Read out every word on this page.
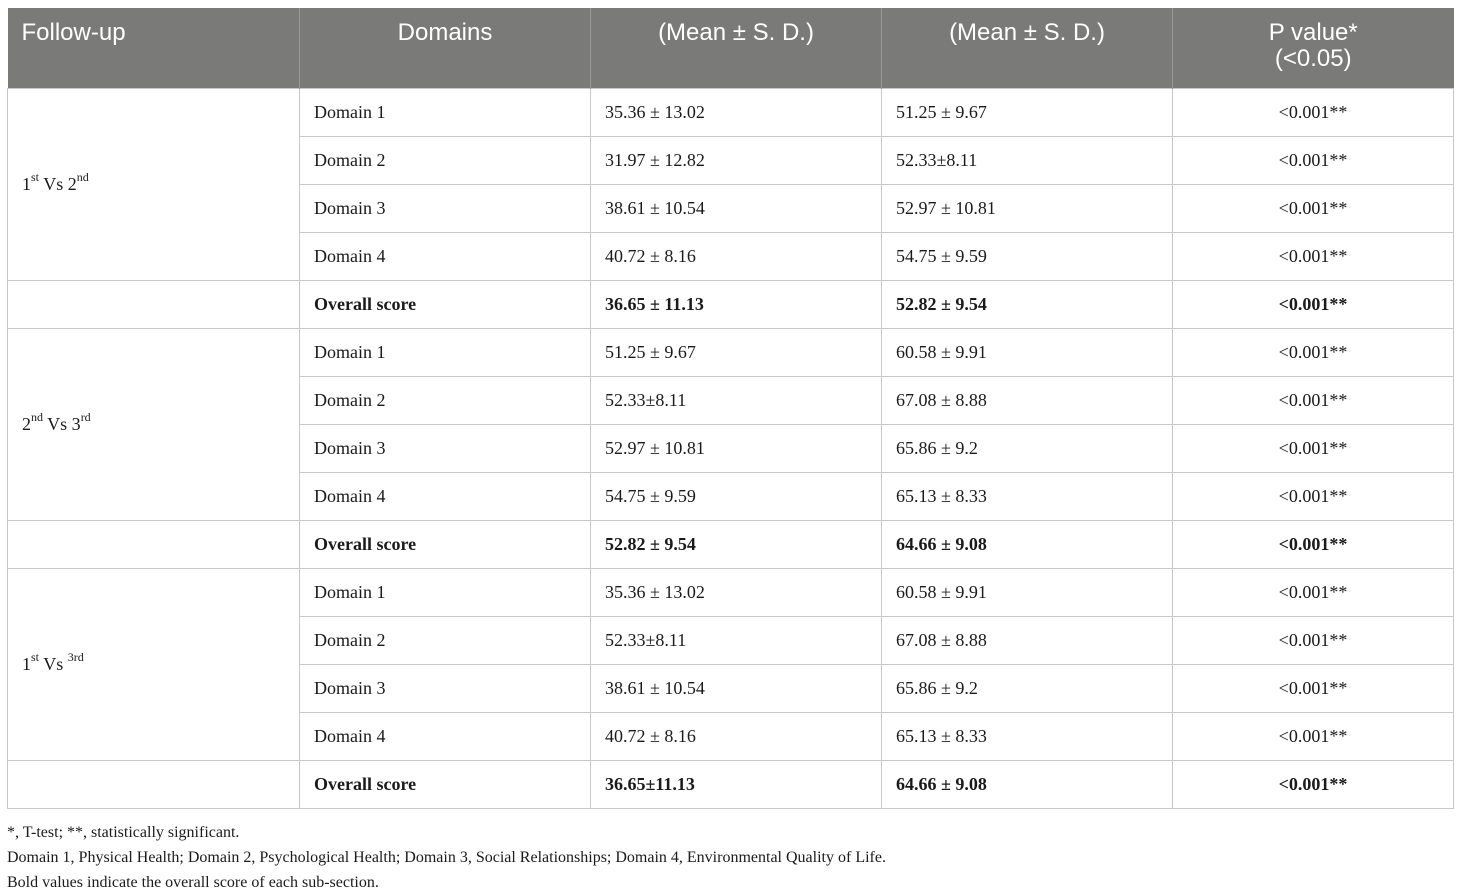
Follow-up	Domains	(Mean ± S. D.)	(Mean ± S. D.)	P value*
(<0.05)
1st Vs 2nd	Domain 1	35.36 ± 13.02	51.25 ± 9.67	<0.001**
	Domain 2	31.97 ± 12.82	52.33±8.11	<0.001**
	Domain 3	38.61 ± 10.54	52.97 ± 10.81	<0.001**
	Domain 4	40.72 ± 8.16	54.75 ± 9.59	<0.001**
	Overall score	36.65 ± 11.13	52.82 ± 9.54	<0.001**
2nd Vs 3rd	Domain 1	51.25 ± 9.67	60.58 ± 9.91	<0.001**
	Domain 2	52.33±8.11	67.08 ± 8.88	<0.001**
	Domain 3	52.97 ± 10.81	65.86 ± 9.2	<0.001**
	Domain 4	54.75 ± 9.59	65.13 ± 8.33	<0.001**
	Overall score	52.82 ± 9.54	64.66 ± 9.08	<0.001**
1st Vs $^{3rd}$	Domain 1	35.36 ± 13.02	60.58 ± 9.91	<0.001**
	Domain 2	52.33±8.11	67.08 ± 8.88	<0.001**
	Domain 3	38.61 ± 10.54	65.86 ± 9.2	<0.001**
	Domain 4	40.72 ± 8.16	65.13 ± 8.33	<0.001**
	Overall score	36.65±11.13	64.66 ± 9.08	<0.001**
*, T-test; **, statistically significant.
Domain 1, Physical Health; Domain 2, Psychological Health; Domain 3, Social Relationships; Domain 4, Environmental Quality of Life.
Bold values indicate the overall score of each sub-section.
